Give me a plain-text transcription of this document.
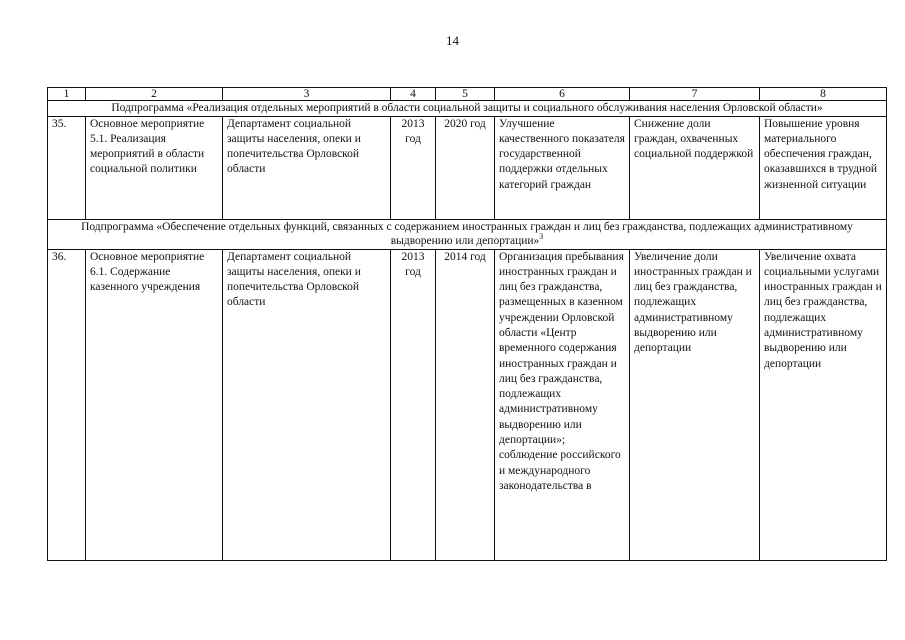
14
1	2	3	4	5	6	7	8
Подпрограмма «Реализация отдельных мероприятий в области социальной защиты и социального обслуживания населения Орловской области»							
35.	Основное мероприятие 5.1. Реализация мероприятий в области социальной политики	Департамент социальной защиты населения, опеки и попечительства Орловской области	2013 год	2020 год	Улучшение качественного показателя государственной поддержки отдельных категорий граждан	Снижение доли граждан, охваченных социальной поддержкой	Повышение уровня материального обеспечения граждан, оказавшихся в трудной жизненной ситуации
Подпрограмма «Обеспечение отдельных функций, связанных с содержанием иностранных граждан и лиц без гражданства, подлежащих административному выдворению или депортации»$^3$
36.	Основное мероприятие 6.1. Содержание казенного учреждения	Департамент социальной защиты населения, опеки и попечительства Орловской области	2013 год	2014 год	Организация пребывания иностранных граждан и лиц без гражданства, размещенных в казенном учреждении Орловской области «Центр временного содержания иностранных граждан и лиц без гражданства, подлежащих административному выдворению или депортации»; соблюдение российского и международного законодательства в	Увеличение доли иностранных граждан и лиц без гражданства, подлежащих административному выдворению или депортации	Увеличение охвата социальными услугами иностранных граждан и лиц без гражданства, подлежащих административному выдворению или депортации
